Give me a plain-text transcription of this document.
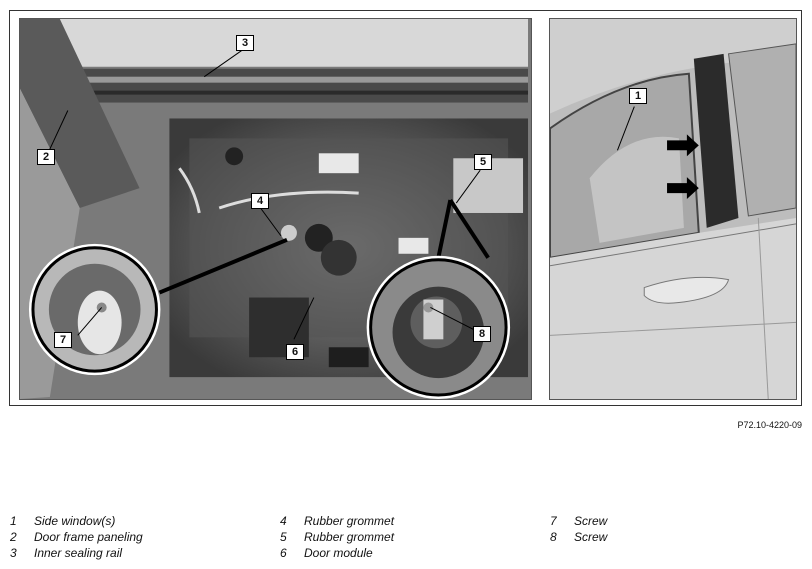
3
2
4
5
6
7	8
1
P72.10-4220-09
1 Side window(s)
2 Door frame paneling
3 Inner sealing rail
4 Rubber grommet
5 Rubber grommet
6 Door module
7 Screw
8 Screw
